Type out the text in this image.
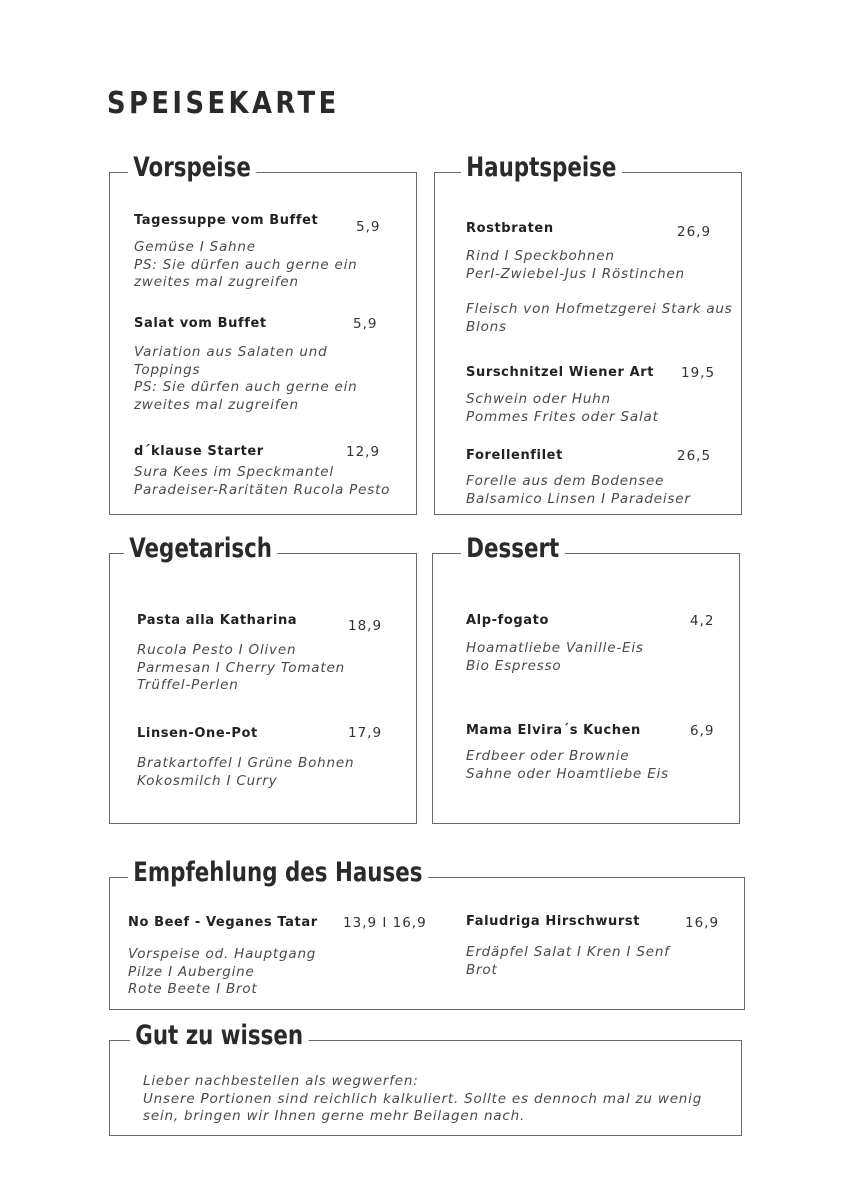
SPEISEKARTE
Vorspeise
Tagessuppe vom Buffet	5,9
Gemüse I Sahne
PS: Sie dürfen auch gerne ein
zweites mal zugreifen
Salat vom Buffet	5,9
Variation aus Salaten und
Toppings
PS: Sie dürfen auch gerne ein
zweites mal zugreifen
d´klause Starter	12,9
Sura Kees im Speckmantel
Paradeiser-Raritäten Rucola Pesto
Hauptspeise
Rostbraten	26,9
Rind I Speckbohnen
Perl-Zwiebel-Jus I Röstinchen
Fleisch von Hofmetzgerei Stark aus
Blons
Surschnitzel Wiener Art 19,5
Schwein oder Huhn
Pommes Frites oder Salat
Forellenfilet	26,5
Forelle aus dem Bodensee
Balsamico Linsen I Paradeiser
Vegetarisch
Pasta alla Katharina	18,9
Rucola Pesto I Oliven
Parmesan I Cherry Tomaten
Trüffel-Perlen
Linsen-One-Pot	17,9
Bratkartoffel I Grüne Bohnen
Kokosmilch I Curry
Dessert
Alp-fogato	4,2
Hoamatliebe Vanille-Eis
Bio Espresso
Mama Elvira´s Kuchen	6,9
Erdbeer oder Brownie
Sahne oder Hoamtliebe Eis
Empfehlung des Hauses
No Beef - Veganes Tatar 13,9 I 16,9
Vorspeise od. Hauptgang
Pilze I Aubergine
Rote Beete I Brot
Faludriga Hirschwurst	16,9
Erdäpfel Salat I Kren I Senf
Brot
Gut zu wissen
Lieber nachbestellen als wegwerfen:
Unsere Portionen sind reichlich kalkuliert. Sollte es dennoch mal zu wenig
sein, bringen wir Ihnen gerne mehr Beilagen nach.
